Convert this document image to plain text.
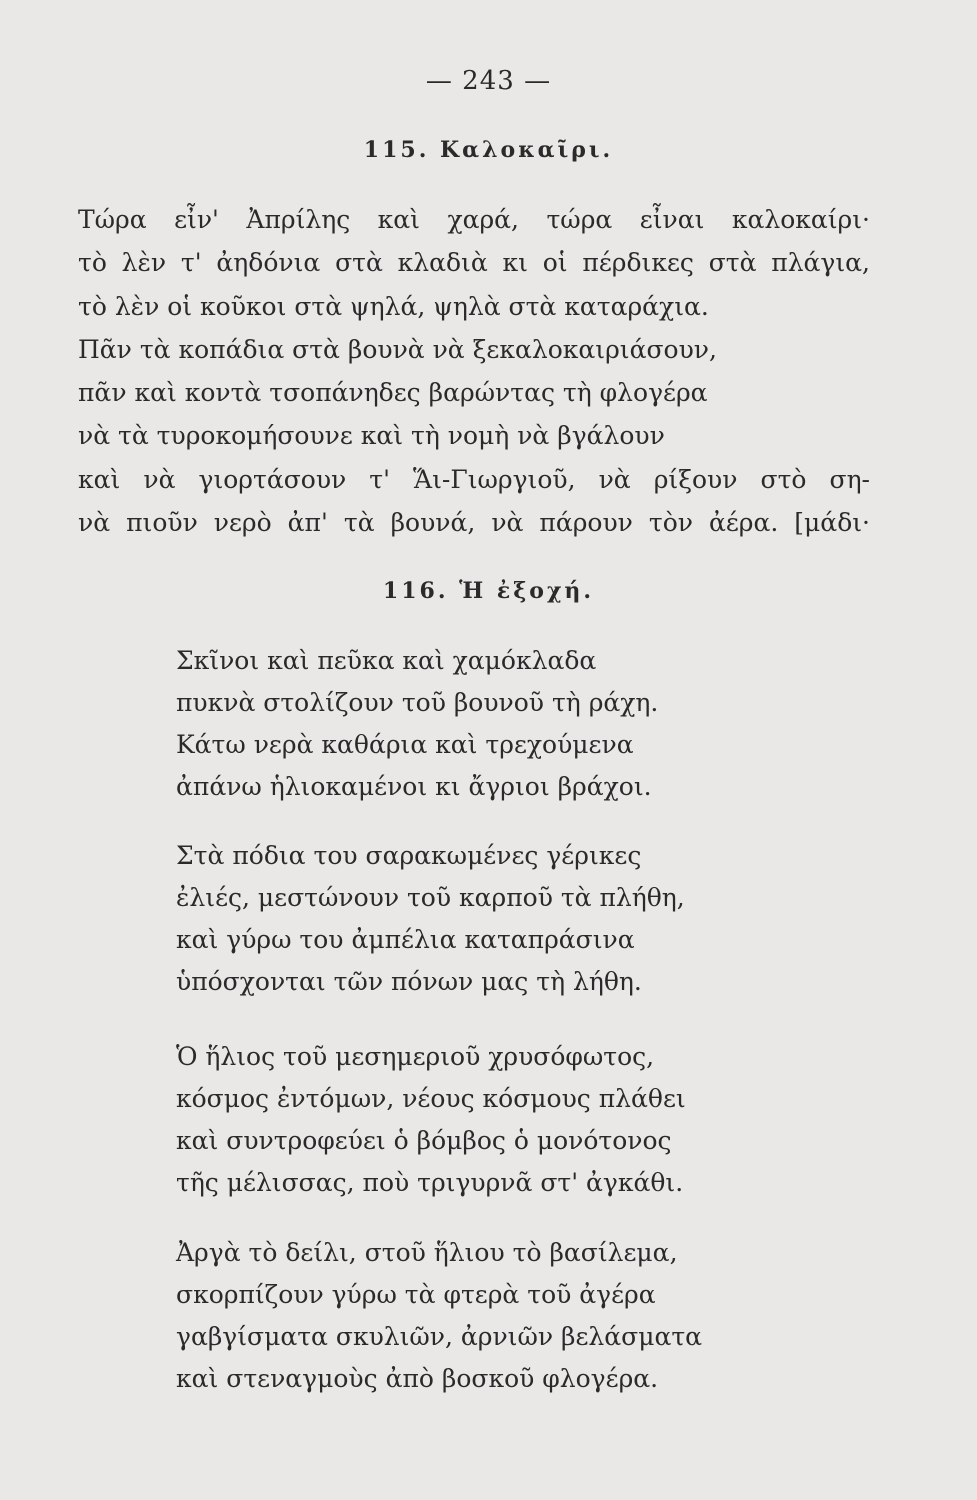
— 243 —
115. Καλοκαῖρι.
Τώρα εἶν' Ἀπρίλης καὶ χαρά, τώρα εἶναι καλοκαίρι·
τὸ λὲν τ' ἀηδόνια στὰ κλαδιὰ κι οἱ πέρδικες στὰ πλάγια,
τὸ λὲν οἱ κοῦκοι στὰ ψηλά, ψηλὰ στὰ καταράχια.
Πᾶν τὰ κοπάδια στὰ βουνὰ νὰ ξεκαλοκαιριάσουν,
πᾶν καὶ κοντὰ τσοπάνηδες βαρώντας τὴ φλογέρα
νὰ τὰ τυροκομήσουνε καὶ τὴ νομὴ νὰ βγάλουν
καὶ νὰ γιορτάσουν τ' Ἅι-Γιωργιοῦ, νὰ ρίξουν στὸ ση-
νὰ πιοῦν νερὸ ἀπ' τὰ βουνά, νὰ πάρουν τὸν ἀέρα. [μάδι·
116. Ἡ ἐξοχή.
Σκῖνοι καὶ πεῦκα καὶ χαμόκλαδα
πυκνὰ στολίζουν τοῦ βουνοῦ τὴ ράχη.
Κάτω νερὰ καθάρια καὶ τρεχούμενα
ἀπάνω ἡλιοκαμένοι κι ἄγριοι βράχοι.
Στὰ πόδια του σαρακωμένες γέρικες
ἐλιές, μεστώνουν τοῦ καρποῦ τὰ πλήθη,
καὶ γύρω του ἀμπέλια καταπράσινα
ὑπόσχονται τῶν πόνων μας τὴ λήθη.
Ὁ ἥλιος τοῦ μεσημεριοῦ χρυσόφωτος,
κόσμος ἐντόμων, νέους κόσμους πλάθει
καὶ συντροφεύει ὁ βόμβος ὁ μονότονος
τῆς μέλισσας, ποὺ τριγυρνᾶ στ' ἀγκάθι.
Ἀργὰ τὸ δείλι, στοῦ ἥλιου τὸ βασίλεμα,
σκορπίζουν γύρω τὰ φτερὰ τοῦ ἀγέρα
γαβγίσματα σκυλιῶν, ἀρνιῶν βελάσματα
καὶ στεναγμοὺς ἀπὸ βοσκοῦ φλογέρα.
